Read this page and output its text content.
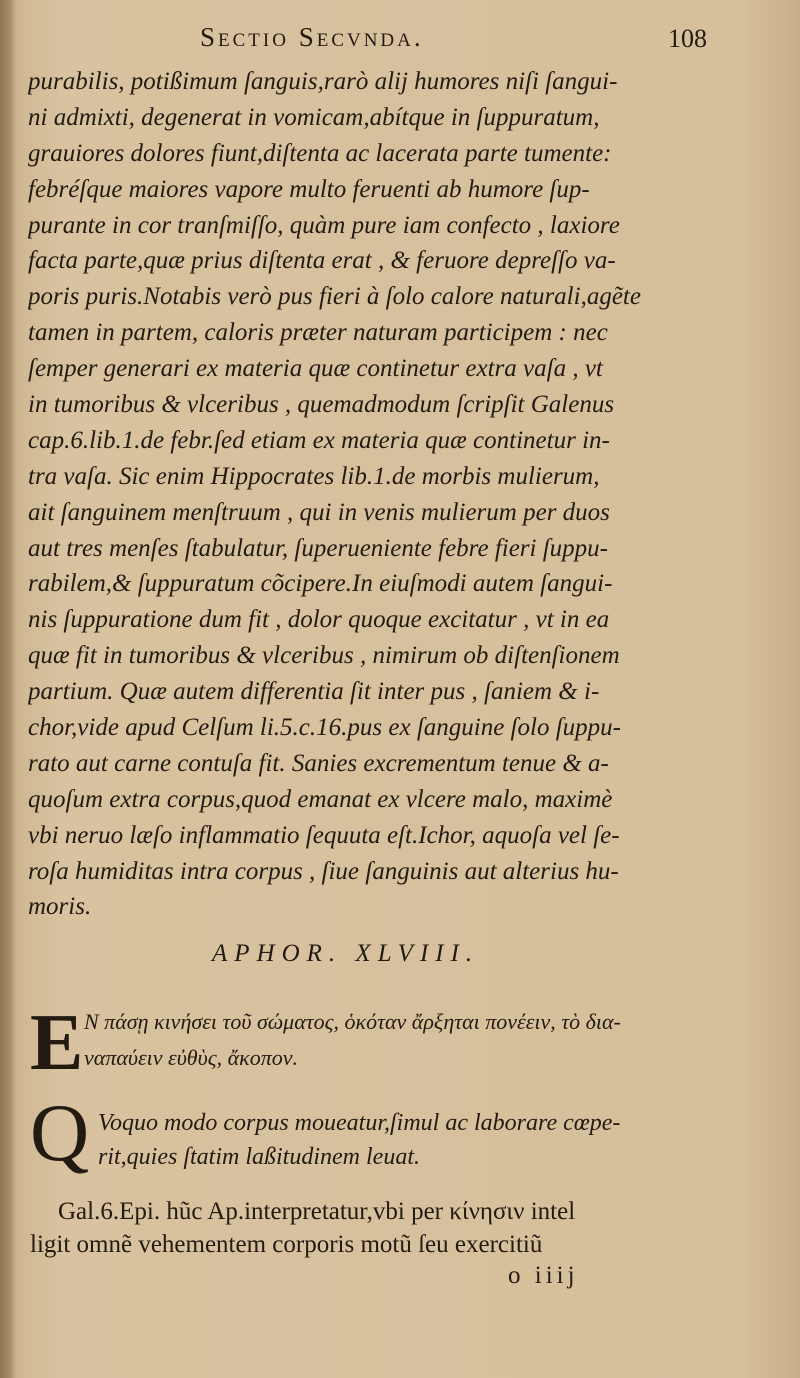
Sectio Secvnda.	108
purabilis, potißimum ſanguis,rarò alij humores niſi ſangui-
ni admixti, degenerat in vomicam,abítque in ſuppuratum,
grauiores dolores fiunt,diſtenta ac lacerata parte tumente:
febréſque maiores vapore multo feruenti ab humore ſup-
purante in cor tranſmiſſo, quàm pure iam confecto , laxiore
facta parte,quæ prius diſtenta erat , & feruore depreſſo va-
poris puris.Notabis verò pus fieri à ſolo calore naturali,agẽte
tamen in partem, caloris præter naturam participem : nec
ſemper generari ex materia quæ continetur extra vaſa , vt
in tumoribus & vlceribus , quemadmodum ſcripſit Galenus
cap.6.lib.1.de febr.ſed etiam ex materia quæ continetur in-
tra vaſa. Sic enim Hippocrates lib.1.de morbis mulierum,
ait ſanguinem menſtruum , qui in venis mulierum per duos
aut tres menſes ſtabulatur, ſuperueniente febre fieri ſuppu-
rabilem,& ſuppuratum cõcipere.In eiuſmodi autem ſangui-
nis ſuppuratione dum fit , dolor quoque excitatur , vt in ea
quæ fit in tumoribus & vlceribus , nimirum ob diſtenſionem
partium. Quæ autem differentia ſit inter pus , ſaniem & i-
chor,vide apud Celſum li.5.c.16.pus ex ſanguine ſolo ſuppu-
rato aut carne contuſa fit. Sanies excrementum tenue & a-
quoſum extra corpus,quod emanat ex vlcere malo, maximè
vbi neruo læſo inflammatio ſequuta eſt.Ichor, aquoſa vel ſe-
roſa humiditas intra corpus , ſiue ſanguinis aut alterius hu-
moris.
APHOR. XLVIII.
E N πάσῃ κινήσει τοῦ σώματος, ὁκόταν ἄρξηται πονέειν, τὸ δια-
ναπαύειν εὐθὺς, ἄκοπον.
Q Voquo modo corpus moueatur,ſimul ac laborare cœpe-
rit,quies ſtatim laßitudinem leuat.
Gal.6.Epi. hũc Ap.interpretatur,vbi per κίνησιν intel
ligit omnẽ vehementem corporis motũ ſeu exercitiũ
o iiij
